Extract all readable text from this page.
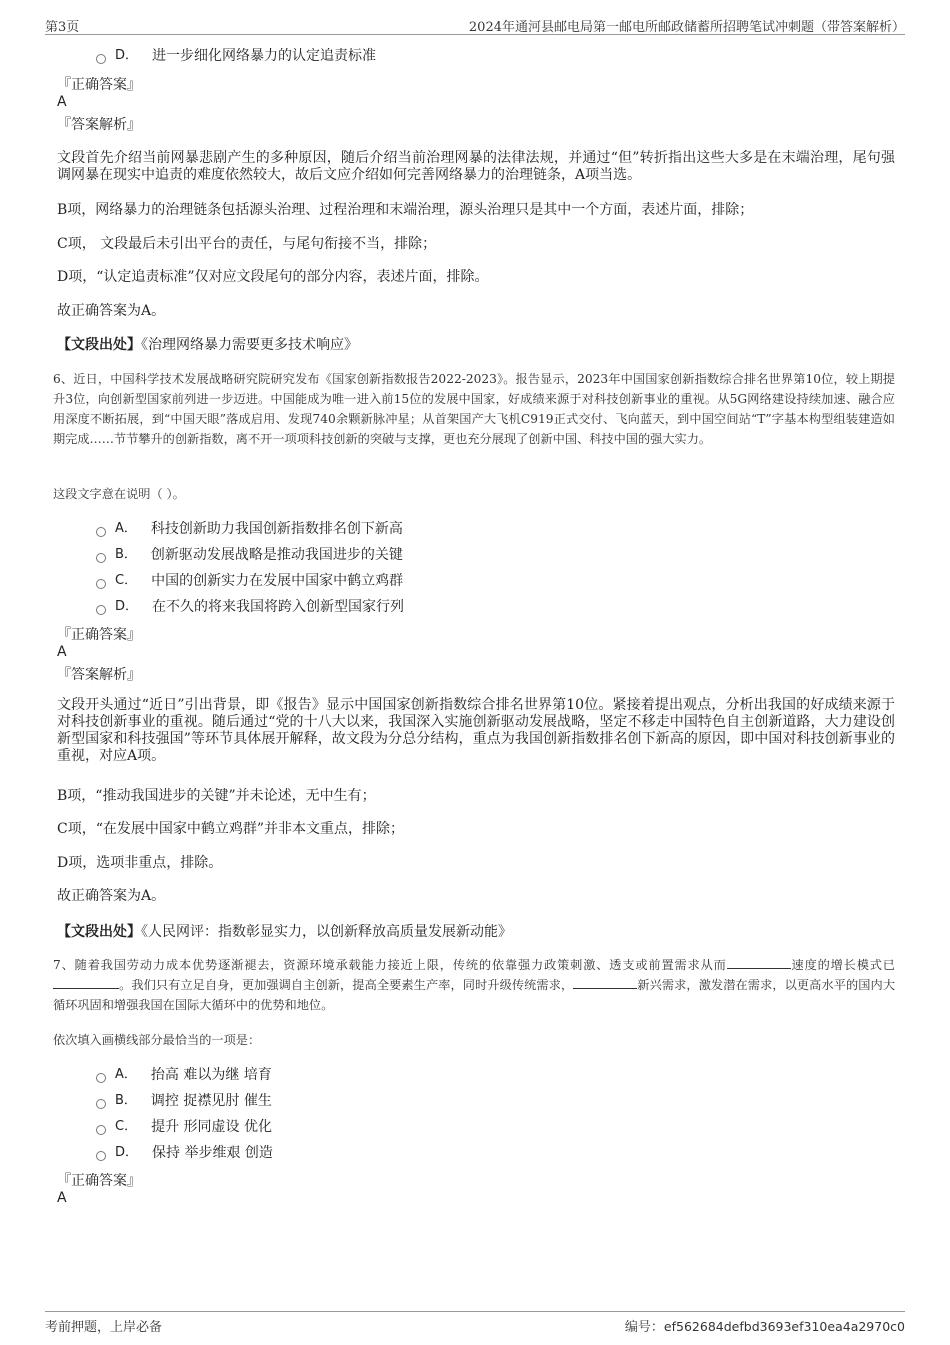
第3页	2024年通河县邮电局第一邮电所邮政储蓄所招聘笔试冲刺题（带答案解析）
D． 进一步细化网络暴力的认定追责标准
『正确答案』
A
『答案解析』
文段首先介绍当前网暴悲剧产生的多种原因，随后介绍当前治理网暴的法律法规，并通过“但”转折指出这些大多是在末端治理，尾句强调网暴在现实中追责的难度依然较大，故后文应介绍如何完善网络暴力的治理链条，A项当选。
B项，网络暴力的治理链条包括源头治理、过程治理和末端治理，源头治理只是其中一个方面，表述片面，排除；
C项， 文段最后未引出平台的责任，与尾句衔接不当，排除；
D项，“认定追责标准”仅对应文段尾句的部分内容，表述片面，排除。
故正确答案为A。
【文段出处】《治理网络暴力需要更多技术响应》
6、近日，中国科学技术发展战略研究院研究发布《国家创新指数报告2022-2023》。报告显示，2023年中国国家创新指数综合排名世界第10位，较上期提升3位，向创新型国家前列进一步迈进。中国能成为唯一进入前15位的发展中国家，好成绩来源于对科技创新事业的重视。从5G网络建设持续加速、融合应用深度不断拓展，到“中国天眼”落成启用、发现740余颗新脉冲星；从首架国产大飞机C919正式交付、飞向蓝天，到中国空间站“T”字基本构型组装建造如期完成……节节攀升的创新指数，离不开一项项科技创新的突破与支撑，更也充分展现了创新中国、科技中国的强大实力。
这段文字意在说明（ ）。
A． 科技创新助力我国创新指数排名创下新高
B． 创新驱动发展战略是推动我国进步的关键
C． 中国的创新实力在发展中国家中鹤立鸡群
D． 在不久的将来我国将跨入创新型国家行列
『正确答案』
A
『答案解析』
文段开头通过“近日”引出背景，即《报告》显示中国国家创新指数综合排名世界第10位。紧接着提出观点，分析出我国的好成绩来源于对科技创新事业的重视。随后通过“党的十八大以来，我国深入实施创新驱动发展战略，坚定不移走中国特色自主创新道路，大力建设创新型国家和科技强国”等环节具体展开解释，故文段为分总分结构，重点为我国创新指数排名创下新高的原因，即中国对科技创新事业的重视，对应A项。
B项，“推动我国进步的关键”并未论述，无中生有；
C项，“在发展中国家中鹤立鸡群”并非本文重点，排除；
D项，选项非重点，排除。
故正确答案为A。
【文段出处】《人民网评：指数彰显实力，以创新释放高质量发展新动能》
7、随着我国劳动力成本优势逐渐褪去，资源环境承载能力接近上限，传统的依靠强力政策刺激、透支或前置需求从而	速度的增长模式已。我们只有立足自身，更加强调自主创新，提高全要素生产率，同时升级传统需求，	新兴需求，激发潜在需求，以更高水平的国内大循环巩固和增强我国在国际大循环中的优势和地位。
依次填入画横线部分最恰当的一项是：
A． 抬高 难以为继 培育
B． 调控 捉襟见肘 催生
C． 提升 形同虚设 优化
D． 保持 举步维艰 创造
『正确答案』
A
考前押题，上岸必备	编号：ef562684defbd3693ef310ea4a2970c0
